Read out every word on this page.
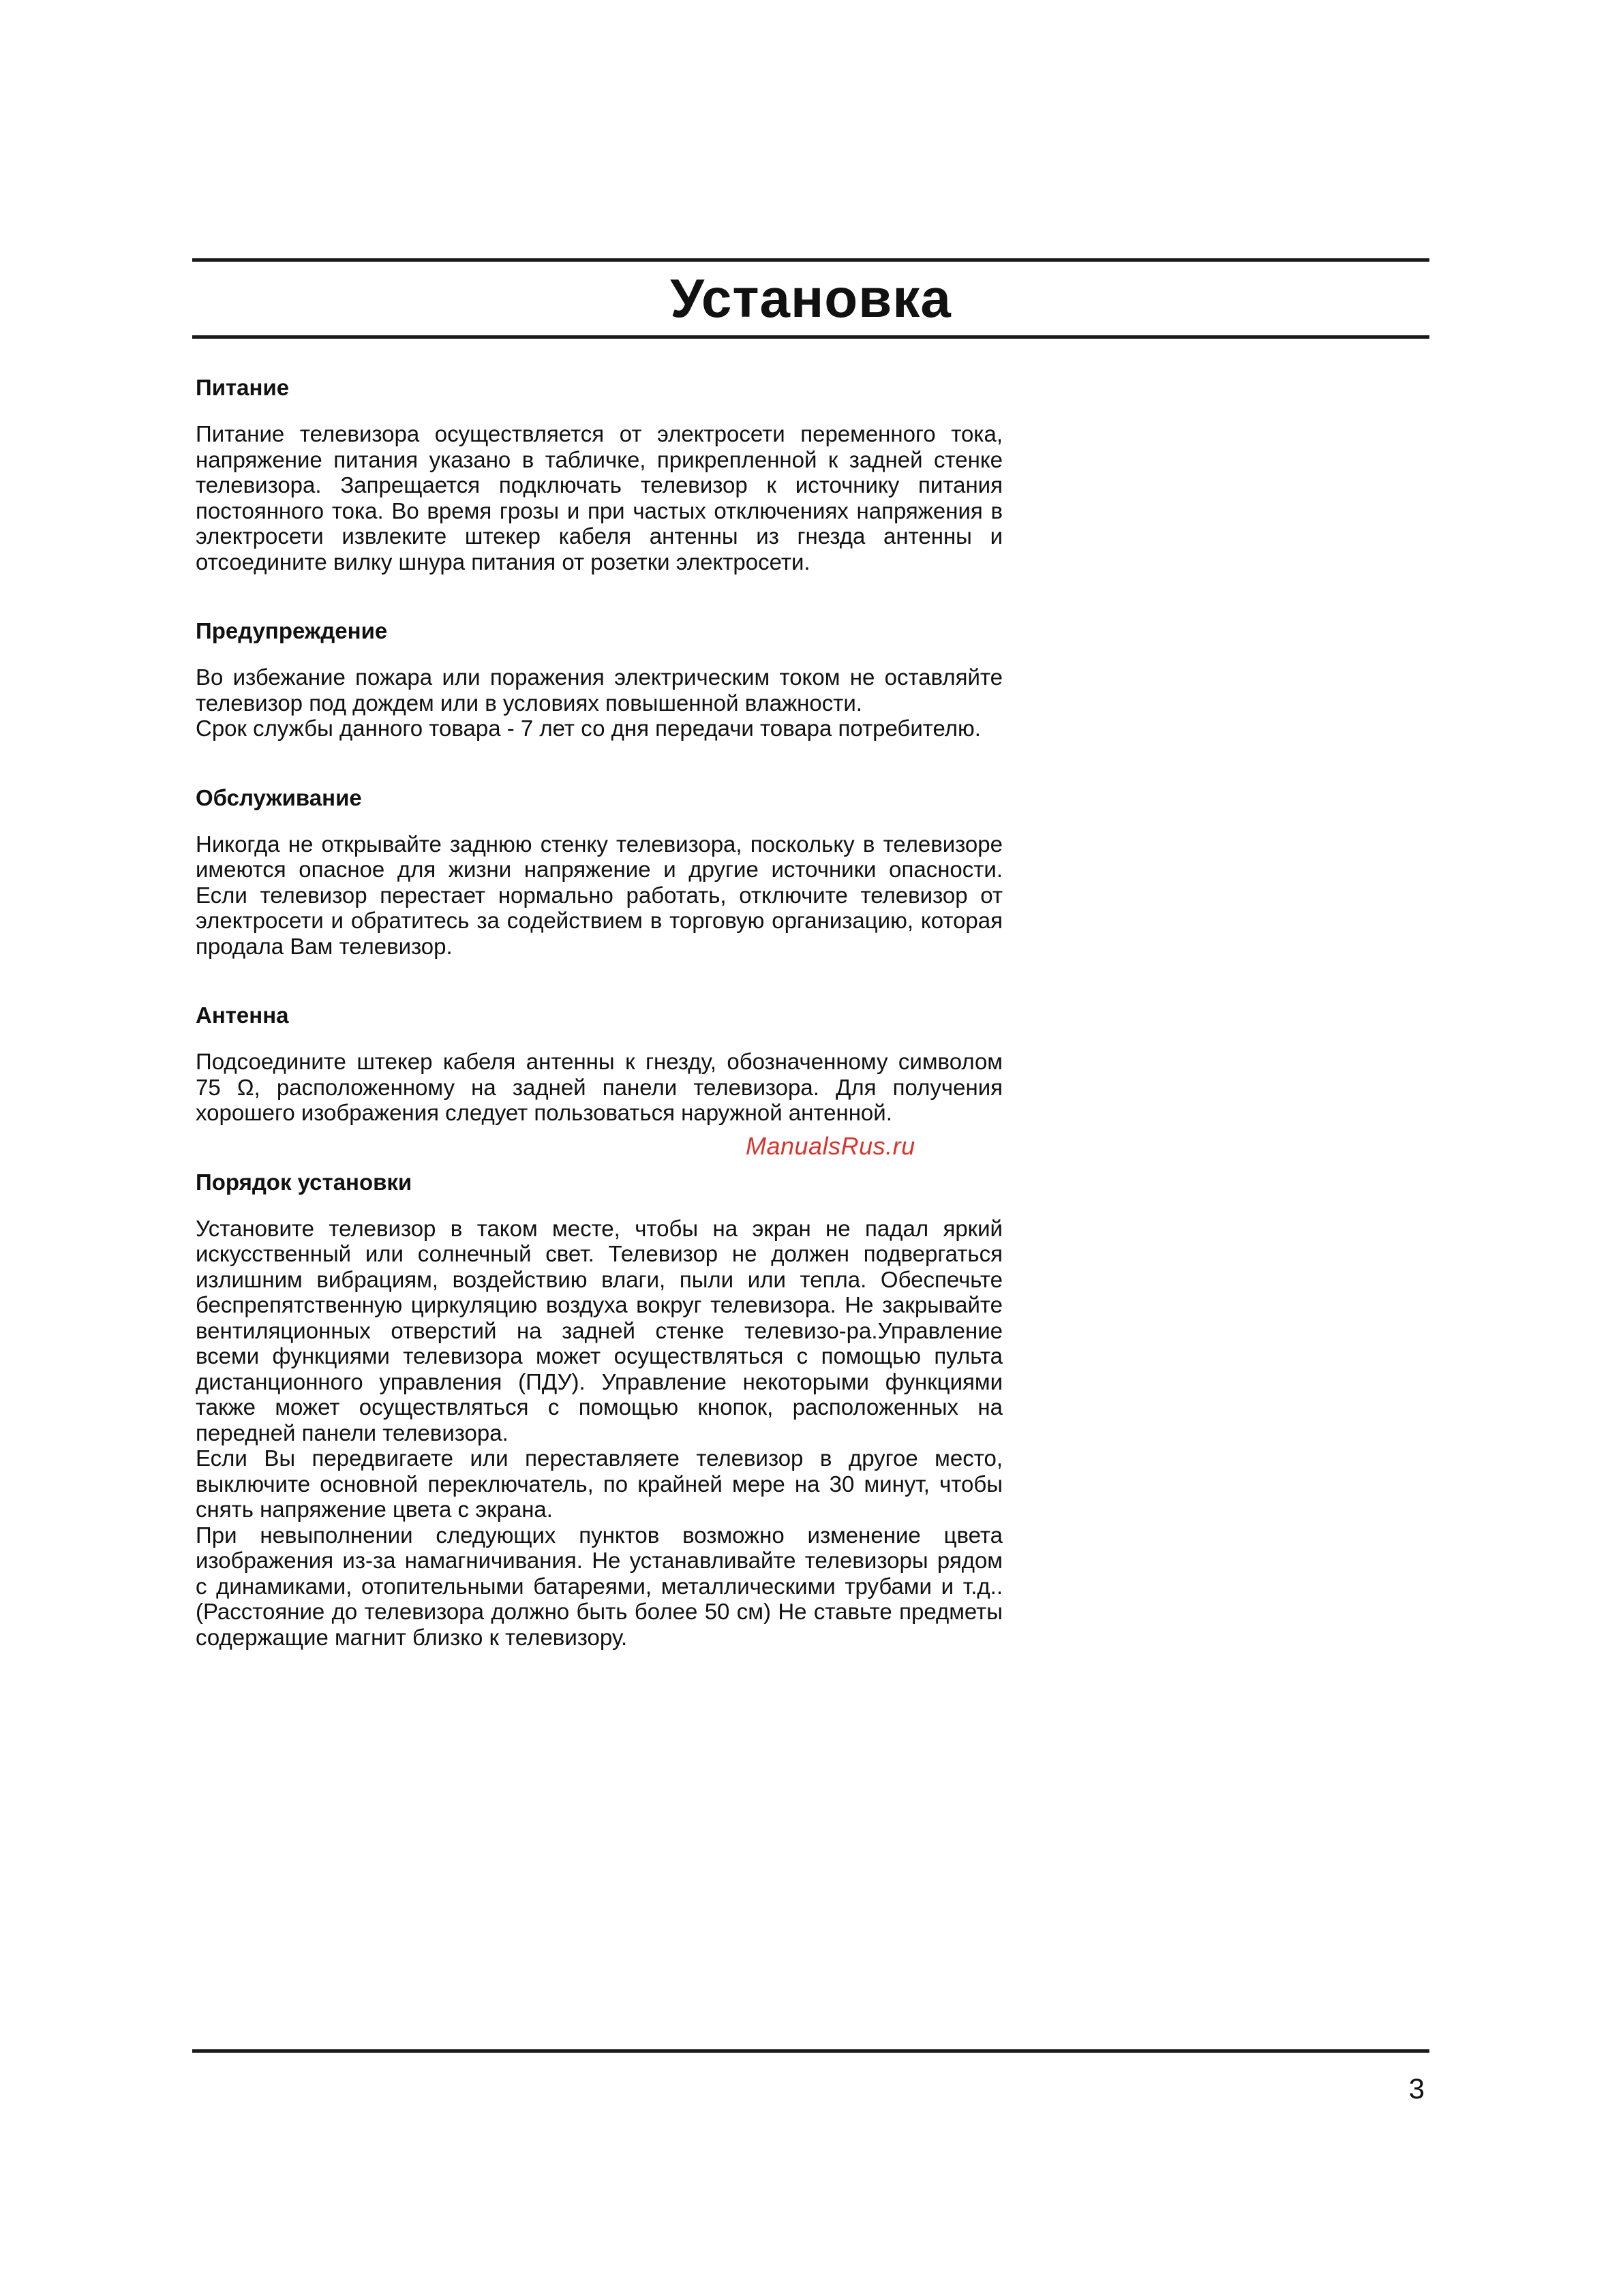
Установка
Питание

Питание телевизора осуществляется от электросети переменного тока, напряжение питания указано в табличке, прикрепленной к задней стенке телевизора. Запрещается подключать телевизор к источнику питания постоянного тока. Во время грозы и при частых отключениях напряжения в электросети извлеките штекер кабеля антенны из гнезда антенны и отсоедините вилку шнура питания от розетки электросети.

Предупреждение

Во избежание пожара или поражения электрическим током не оставляйте телевизор под дождем или в условиях повышенной влажности.
Срок службы данного товара - 7 лет со дня передачи товара потребителю.

Обслуживание

Никогда не открывайте заднюю стенку телевизора, поскольку в телевизоре имеются опасное для жизни напряжение и другие источники опасности. Если телевизор перестает нормально работать, отключите телевизор от электросети и обратитесь за содействием в торговую организацию, которая продала Вам телевизор.

Антенна

Подсоедините штекер кабеля антенны к гнезду, обозначенному символом 75 Ω, расположенному на задней панели телевизора. Для получения хорошего изображения следует пользоваться наружной антенной.

Порядок установки

Установите телевизор в таком месте, чтобы на экран не падал яркий искусственный или солнечный свет. Телевизор не должен подвергаться излишним вибрациям, воздействию влаги, пыли или тепла. Обеспечьте беспрепятственную циркуляцию воздуха вокруг телевизора. Не закрывайте вентиляционных отверстий на задней стенке телевизо-ра.Управление всеми функциями телевизора может осуществляться с помощью пульта дистанционного управления (ПДУ). Управление некоторыми функциями также может осуществляться с помощью кнопок, расположенных на передней панели телевизора.
Если Вы передвигаете или переставляете телевизор в другое место, выключите основной переключатель, по крайней мере на 30 минут, чтобы снять напряжение цвета с экрана.
При невыполнении следующих пунктов возможно изменение цвета изображения из-за намагничивания. Не устанавливайте телевизоры рядом с динамиками, отопительными батареями, металлическими трубами и т.д.. (Расстояние до телевизора должно быть более 50 см) Не ставьте предметы содержащие магнит близко к телевизору.

ManualsRus.ru
3
